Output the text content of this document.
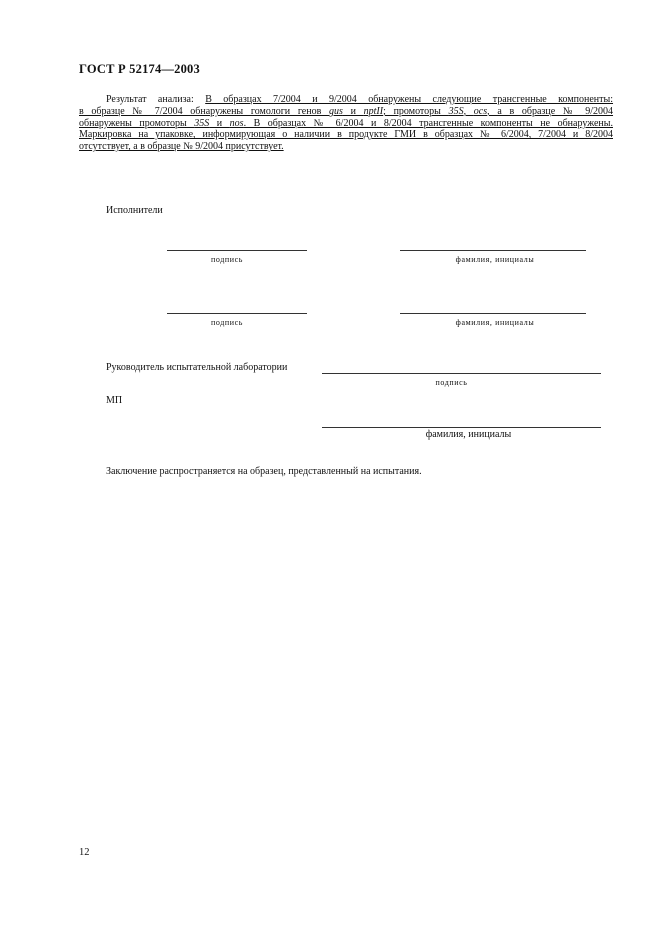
ГОСТ Р 52174—2003
Результат анализа: В образцах 7/2004 и 9/2004 обнаружены следующие трансгенные компоненты:
в образце № 7/2004 обнаружены гомологи генов gus и nptII; промоторы 35S, ocs, а в образце № 9/2004
обнаружены промоторы 35S и nos. В образцах № 6/2004 и 8/2004 трансгенные компоненты не обнаружены.
Маркировка на упаковке, информирующая о наличии в продукте ГМИ в образцах № 6/2004, 7/2004 и 8/2004
отсутствует, а в образце № 9/2004 присутствует.
Исполнители
подпись	фамилия, инициалы
подпись	фамилия, инициалы
Руководитель испытательной лаборатории
подпись
МП
фамилия, инициалы
Заключение распространяется на образец, представленный на испытания.
12
